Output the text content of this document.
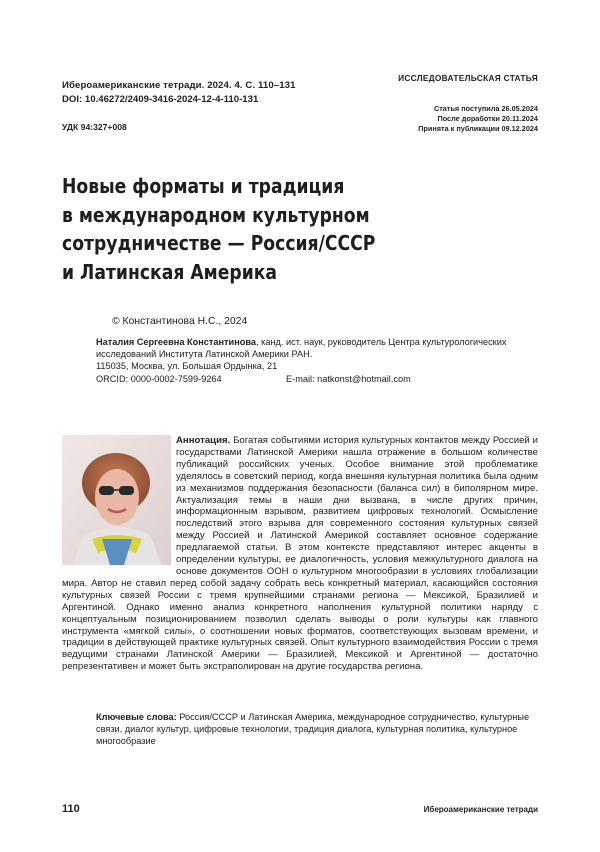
Ибероамериканские тетради. 2024. 4. С. 110–131
DOI: 10.46272/2409-3416-2024-12-4-110-131
УДК 94:327+008
ИССЛЕДОВАТЕЛЬСКАЯ СТАТЬЯ
Статья поступила 26.05.2024
После доработки 20.11.2024
Принята к публикации 09.12.2024
Новые форматы и традиция
в международном культурном
сотрудничестве — Россия/СССР
и Латинская Америка
© Константинова Н.С., 2024
Наталия Сергеевна Константинова, канд. ист. наук, руководитель Центра культурологических исследований Института Латинской Америки РАН.
115035, Москва, ул. Большая Ордынка, 21
ORCID: 0000-0002-7599-9264	E-mail: natkonst@hotmail.com
Аннотация. Богатая событиями история культурных контактов между Россией и государствами Латинской Америки нашла отражение в большом количестве публикаций российских ученых. Особое внимание этой проблематике уделялось в советский период, когда внешняя культурная политика была одним из механизмов поддержания безопасности (баланса сил) в биполярном мире. Актуализация темы в наши дни вызвана, в числе других причин, информационным взрывом, развитием цифровых технологий. Осмысление последствий этого взрыва для современного состояния культурных связей между Россией и Латинской Америкой составляет основное содержание предлагаемой статьи. В этом контексте представляют интерес акценты в определении культуры, ее диалогичность, условия межкультурного диалога на основе документов ООН о культурном многообразии в условиях глобализации мира. Автор не ставил перед собой задачу собрать весь конкретный материал, касающийся состояния культурных связей России с тремя крупнейшими странами региона — Мексикой, Бразилией и Аргентиной. Однако именно анализ конкретного наполнения культурной политики наряду с концептуальным позиционированием позволил сделать выводы о роли культуры как главного инструмента «мягкой силы», о соотношении новых форматов, соответствующих вызовам времени, и традиции в действующей практике культурных связей. Опыт культурного взаимодействия России с тремя ведущими странами Латинской Америки — Бразилией, Мексикой и Аргентиной — достаточно репрезентативен и может быть экстраполирован на другие государства региона.
Ключевые слова: Россия/СССР и Латинская Америка, международное сотрудничество, культурные связи, диалог культур, цифровые технологии, традиция диалога, культурная политика, культурное многообразие
110	Ибероамериканские тетради
